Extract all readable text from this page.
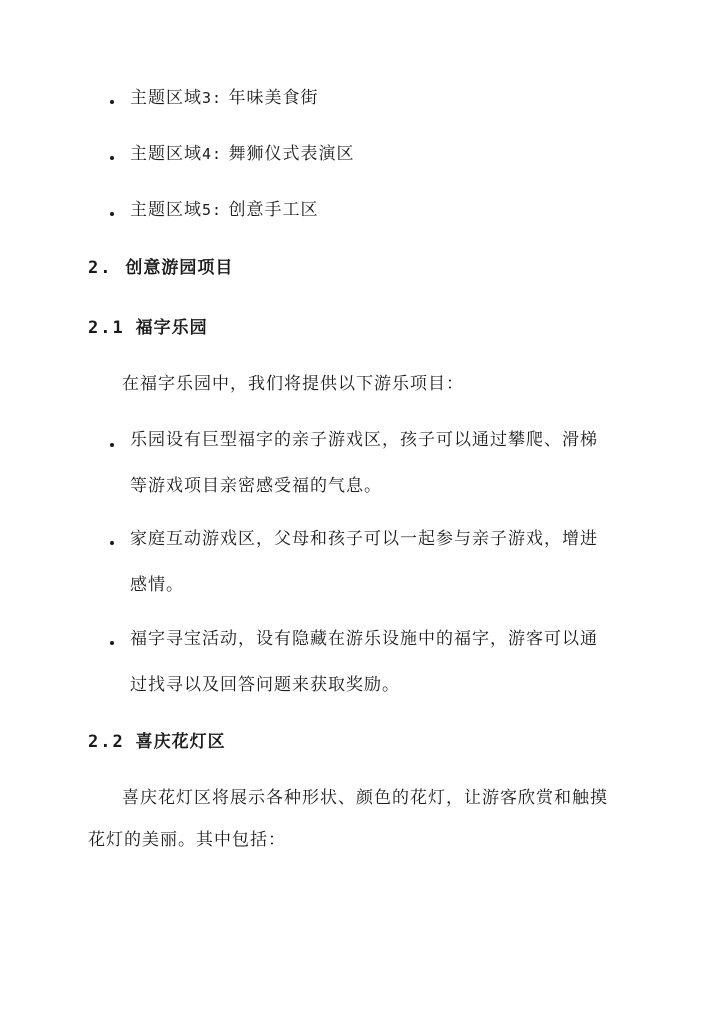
主题区域3: 年味美食街
主题区域4: 舞狮仪式表演区
主题区域5: 创意手工区
2. 创意游园项目
2.1 福字乐园
在福字乐园中，我们将提供以下游乐项目：
乐园设有巨型福字的亲子游戏区，孩子可以通过攀爬、滑梯
等游戏项目亲密感受福的气息。
家庭互动游戏区，父母和孩子可以一起参与亲子游戏，增进
感情。
福字寻宝活动，设有隐藏在游乐设施中的福字，游客可以通
过找寻以及回答问题来获取奖励。
2.2 喜庆花灯区
喜庆花灯区将展示各种形状、颜色的花灯，让游客欣赏和触摸
花灯的美丽。其中包括：
